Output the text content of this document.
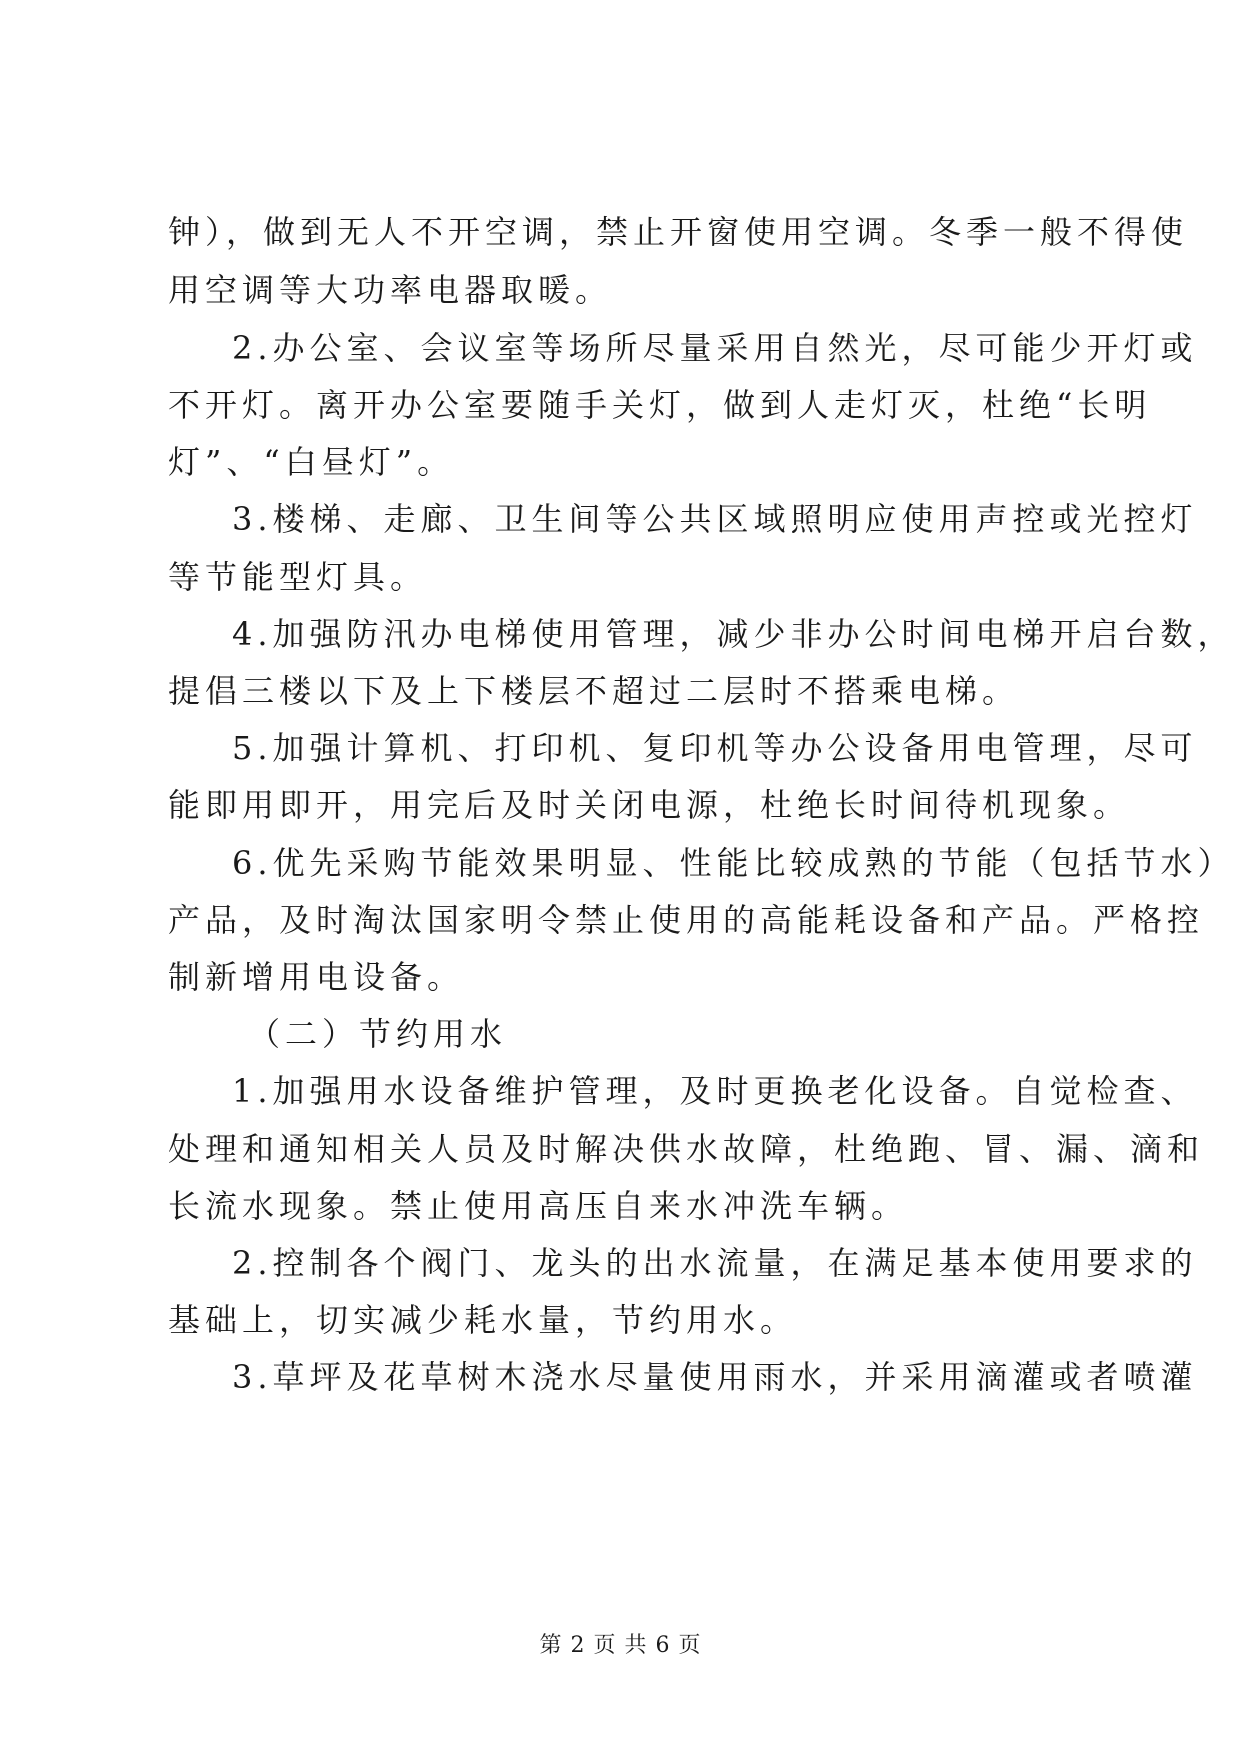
钟），做到无人不开空调，禁止开窗使用空调。冬季一般不得使
用空调等大功率电器取暖。
2.办公室、会议室等场所尽量采用自然光，尽可能少开灯或
不开灯。离开办公室要随手关灯，做到人走灯灭，杜绝“长明
灯”、“白昼灯”。
3.楼梯、走廊、卫生间等公共区域照明应使用声控或光控灯
等节能型灯具。
4.加强防汛办电梯使用管理，减少非办公时间电梯开启台数，
提倡三楼以下及上下楼层不超过二层时不搭乘电梯。
5.加强计算机、打印机、复印机等办公设备用电管理，尽可
能即用即开，用完后及时关闭电源，杜绝长时间待机现象。
6.优先采购节能效果明显、性能比较成熟的节能（包括节水）
产品，及时淘汰国家明令禁止使用的高能耗设备和产品。严格控
制新增用电设备。
（二）节约用水
1.加强用水设备维护管理，及时更换老化设备。自觉检查、
处理和通知相关人员及时解决供水故障，杜绝跑、冒、漏、滴和
长流水现象。禁止使用高压自来水冲洗车辆。
2.控制各个阀门、龙头的出水流量，在满足基本使用要求的
基础上，切实减少耗水量，节约用水。
3.草坪及花草树木浇水尽量使用雨水，并采用滴灌或者喷灌
第 2 页 共 6 页
